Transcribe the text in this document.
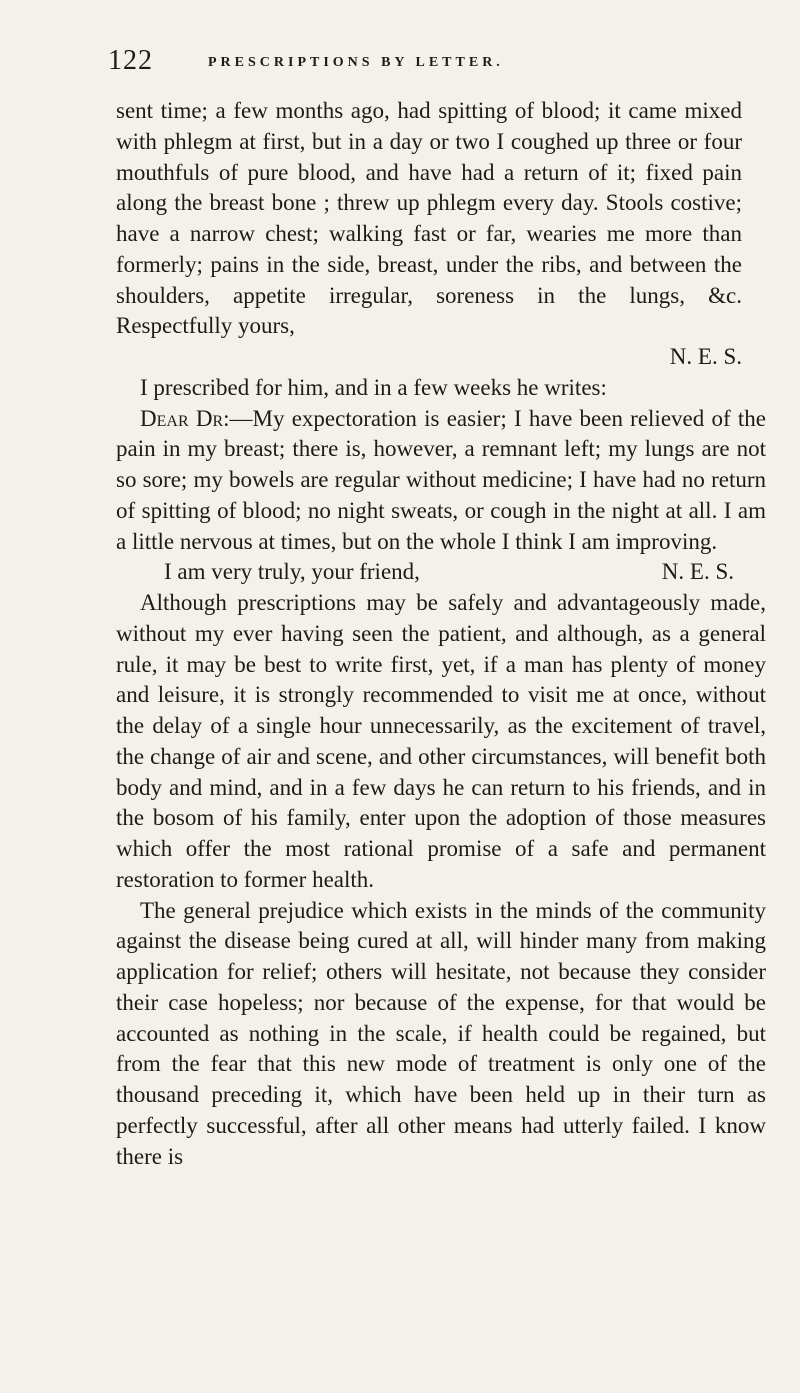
122	PRESCRIPTIONS BY LETTER.

sent time; a few months ago, had spitting of blood; it came mixed with phlegm at first, but in a day or two I coughed up three or four mouthfuls of pure blood, and have had a return of it; fixed pain along the breast bone ; threw up phlegm every day. Stools costive; have a narrow chest; walking fast or far, wearies me more than formerly; pains in the side, breast, under the ribs, and between the shoulders, appetite irregular, soreness in the lungs, &c. Respectfully yours,

N. E. S.

I prescribed for him, and in a few weeks he writes:

Dear Dr:—My expectoration is easier; I have been relieved of the pain in my breast; there is, however, a remnant left; my lungs are not so sore; my bowels are regular without medicine; I have had no return of spitting of blood; no night sweats, or cough in the night at all. I am a little nervous at times, but on the whole I think I am improving.

I am very truly, your friend,	N. E. S.

Although prescriptions may be safely and advantageously made, without my ever having seen the patient, and although, as a general rule, it may be best to write first, yet, if a man has plenty of money and leisure, it is strongly recommended to visit me at once, without the delay of a single hour unnecessarily, as the excitement of travel, the change of air and scene, and other circumstances, will benefit both body and mind, and in a few days he can return to his friends, and in the bosom of his family, enter upon the adoption of those measures which offer the most rational promise of a safe and permanent restoration to former health.

The general prejudice which exists in the minds of the community against the disease being cured at all, will hinder many from making application for relief; others will hesitate, not because they consider their case hopeless; nor because of the expense, for that would be accounted as nothing in the scale, if health could be regained, but from the fear that this new mode of treatment is only one of the thousand preceding it, which have been held up in their turn as perfectly successful, after all other means had utterly failed. I know there is
